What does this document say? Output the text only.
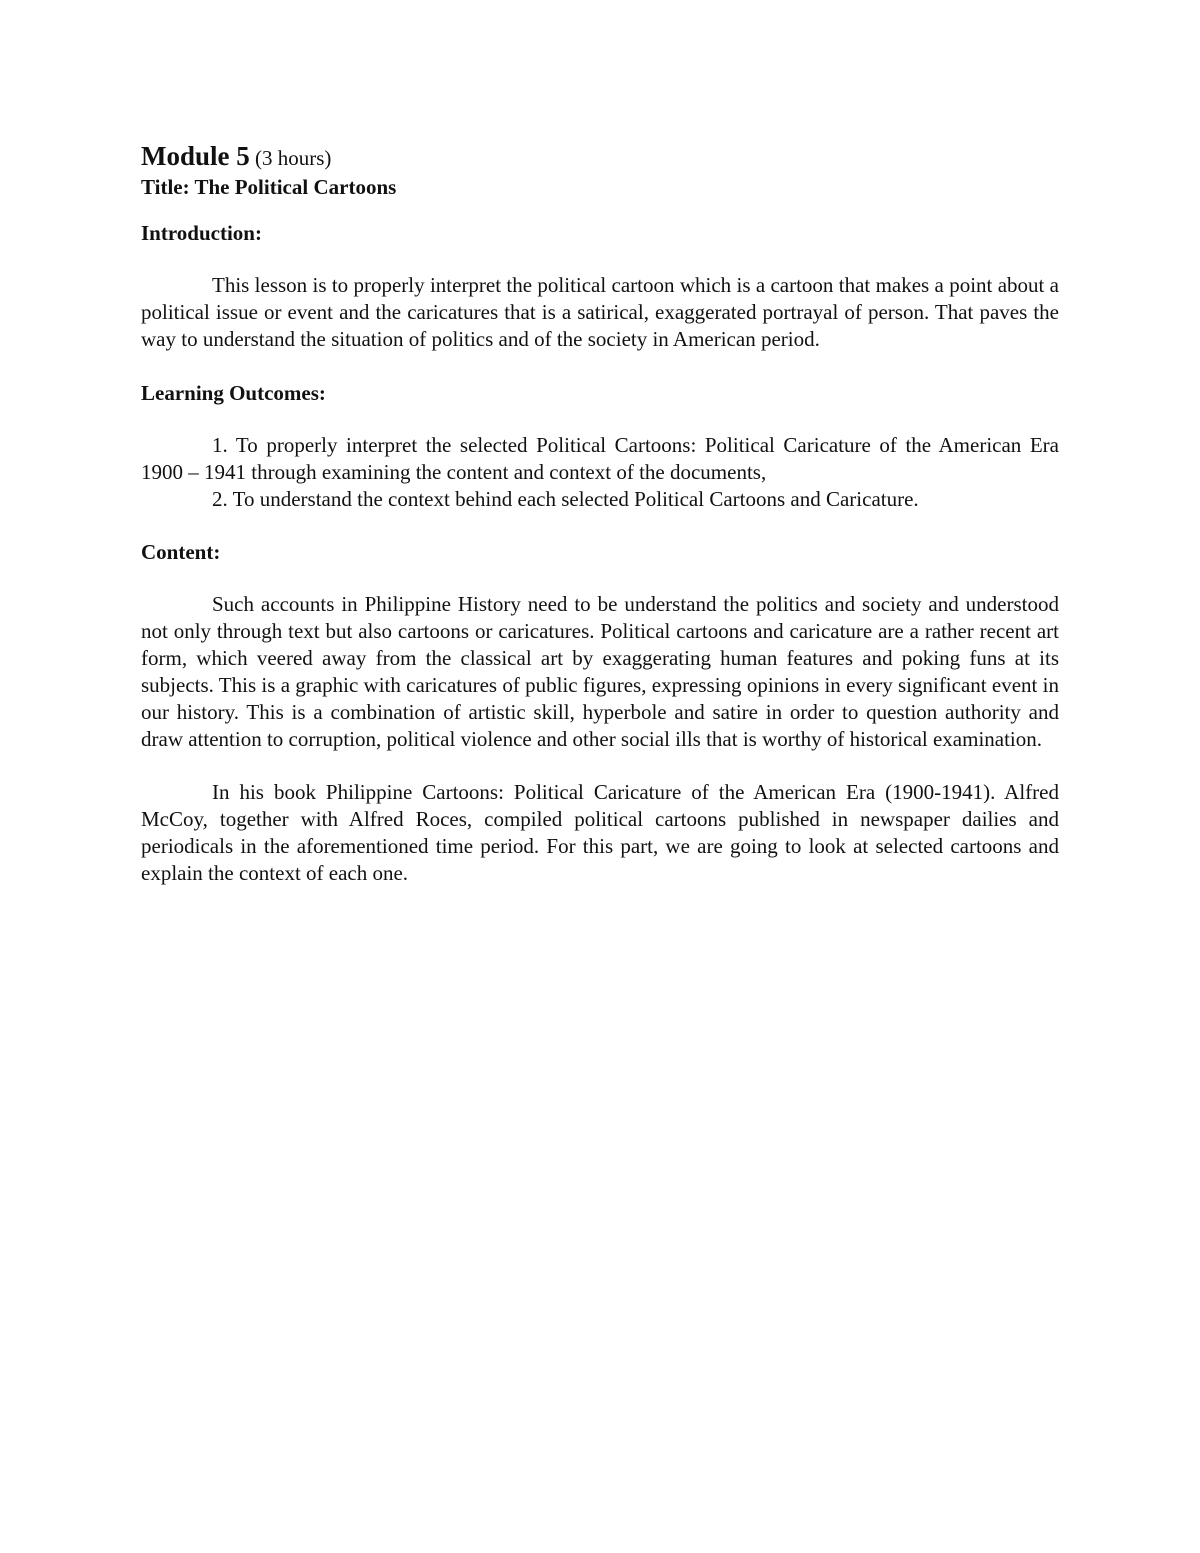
Module 5 (3 hours)

Title: The Political Cartoons

Introduction:

This lesson is to properly interpret the political cartoon which is a cartoon that makes a point about a political issue or event and the caricatures that is a satirical, exaggerated portrayal of person. That paves the way to understand the situation of politics and of the society in American period.

Learning Outcomes:

1. To properly interpret the selected Political Cartoons: Political Caricature of the American Era 1900 – 1941 through examining the content and context of the documents,

2. To understand the context behind each selected Political Cartoons and Caricature.

Content:

Such accounts in Philippine History need to be understand the politics and society and understood not only through text but also cartoons or caricatures. Political cartoons and caricature are a rather recent art form, which veered away from the classical art by exaggerating human features and poking funs at its subjects. This is a graphic with caricatures of public figures, expressing opinions in every significant event in our history. This is a combination of artistic skill, hyperbole and satire in order to question authority and draw attention to corruption, political violence and other social ills that is worthy of historical examination.

In his book Philippine Cartoons: Political Caricature of the American Era (1900-1941). Alfred McCoy, together with Alfred Roces, compiled political cartoons published in newspaper dailies and periodicals in the aforementioned time period. For this part, we are going to look at selected cartoons and explain the context of each one.
